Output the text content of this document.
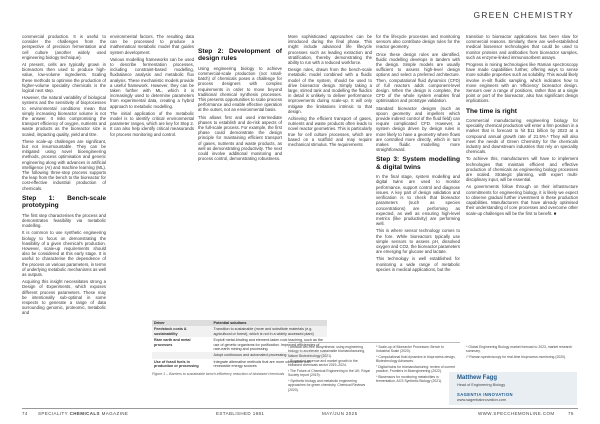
GREEN CHEMISTRY

commercial production. It is useful to consider the challenges from the perspective of precision fermentation and cell culture (another widely used engineering biology technique).

At present, cells are typically grown in bioreactors then used to produce high-value, low-volume ingredients. Scaling these methods to optimise the production of higher-volume speciality chemicals is the logical next step.

However, the natural variability of biological systems and the sensitivity of bioprocesses to environmental conditions mean that simply increasing bioreactor volume is not the answer. It risks compromising the transport efficiency of oxygen, nutrients and waste products as the bioreactor size is scaled, impacting quality, yield and titre.

These scale-up challenges are significant, but not insurmountable. They can be mitigated using novel bioengineering methods, process optimisation and generic engineering along with advances in artificial intelligence (AI) and machine learning (ML). The following three-step process supports the leap from the bench to the bioreactor for cost-effective industrial production of chemicals.

Step 1: Bench-scale prototyping

The first step characterises the process and demonstrates feasibility via metabolic modelling.

It is common to use synthetic engineering biology to focus on demonstrating the feasibility of a given chemical's production. However, scale-up requirements should also be considered at this early stage. It is useful to characterise the dependence of the process on various parameters, in terms of underlying metabolic mechanisms as well as outputs.

Acquiring this insight necessitates strong a Design of Experiments, which exposes different process parameters. These may be intentionally sub-optimal in some respects to generate a range of data surrounding genomic, proteomic, metabolic and

environmental factors. The resulting data can be processed to produce a mathematical metabolic model that guides system development.

Various modelling frameworks can be used to describe fermentation processes, including constraint-based modelling, fluxbalance analysis and metabolic flux analysis. These mechanistic models provide a useful framework. However, they can be taken further with ML, which it is increasingly used to determine parameters from experimental data, creating a hybrid approach to metabolic modelling.

The initial application of the metabolic model is to identify critical environmental parameter ranges, which are key for Step 2. It can also help identify critical measurands for process monitoring and control.

Step 2: Development of design rules

Using engineering biology to achieve commercial-scale production (not small-batch) of chemicals poses a challenge for process designers with complex requirements in order to move beyond traditional chemical synthesis processes. This presents opportunities to scale process performance and enable effective operation at the outset, not an environmental basis.

This allows first and used intermediate phases to establish and de-risk aspects of the full-scale process. For example, the first phase could demonstrate the design principle for maintaining efficient transport of gases, nutrients and waste products, as well as demonstrating productivity. The next could involve additional monitoring and process control, demonstrating robustness.

More sophisticated approaches can be introduced during the final phase. This might include advanced life lifecycle processes such as leading extraction and stratification, thereby demonstrating the ability to run with a reduced workforce.

Design rules, drawn from the bench-scale metabolic model combined with a fluidic model of the system, should be used to drive bioreactor design. Simply taking a large, stirred tank and modelling the fluidics in detail is unlikely to deliver performance improvements during scale-up. It will only mitigate the limitations intrinsic to that design.

Achieving the efficient transport of gases, nutrients and waste products often leads to novel reactor geometries. This is particularly true for cell culture processes, which are based on a scaffold and may require mechanical stimulus. The requirements

for the lifecycle processes and monitoring sensors also contribute design rules for the reactor geometry.

Once these design rules are identified, fluidic modelling develops in tandem with the design. Simple models are usually sufficient to assess high-level design options and select a preferred architecture. Then, computational fluid dynamics (CFD) of full reactors adds component-level design. When the design is complete, the CFD of the whole system enables final optimisation and prototype validation.

Standard bioreactor designs (such as spoon geometry and impellers which provide indirect control of the fluid field) can require complicated CFD. However, a system design driven by design rules is more likely to have a geometry where flows are controlled more directly, which in turn makes fluidic modelling more straightforward.

Step 3: System modelling & digital twins

In the final stage, system modelling and digital twins are used to monitor performance, support control and diagnose issues. A key part of design validation and verification is to check that bioreactor parameters (such as species concentrations) are performing as expected, as well as ensuring high-level metrics (like productivity) are performing well.

This is where sensor technology comes to the fore. While bioreactors typically use simple sensors to assess pH, dissolved oxygen and CO2, the bioreactor parameters are emerging for glucose and lactate.

This technology is well established for monitoring a wide range of metabolic species in medical applications, but the

transition to bioreactor applications has been slow for commercial reasons. Similarly, there are well-established medical biosensor technologies that could be used to monitor proteins and antibodies from bioreactor samples, such as enzyme-linked immunosorbent assays.

Progress in mining technologies like Raman spectroscopy have made capabilities further, offering ways to sense more soluble properties such as solubility. This would likely involve in-silt fluidic sampling, which indicates how to move engineers with an 'efficiency' bioreactor design. Sensors over a range of positions, rather than at a single point or port of the bioreactor, also has significant design implications.

The time is right

Commercial manufacturing engineering biology for speciality chemical production will enter a firm position in a market that is forecast to hit $11 billion by 2023 at a compound annual growth rate of 21.5%.³ They will also meet the needs of Green Chemistry for the chemicals industry and downstream industries that rely on speciality chemicals.

To achieve this, manufacturers will have to implement technologies that maintain efficient and effective production of chemicals as engineering biology processes are scaled. Strategic planning, with expert multi-disciplinary input, will be essential.

As governments follow through on their infrastructure commitments for engineering biology, it is likely we expect to observe gradual further investment in these production capabilities. Manufacturers that have already optimised their understanding of core processes and overcome other scale-up challenges will be the first to benefit. ■

Driver	Potential solutions
Feedstock costs & sustainability	Transition to sustainable (more and substitute materials (e.g. agricultural or forest), which is not in a widely accessed plant)
Rare earth and metal processes	Exploit metal-binding and element-laden rock leaching, such as the use of genetic organisms for purification. Improved efficiencies of rare-earth mining and processing
	Adopt continuous and automated processing
Use of fossil fuels in production or processing	Integrate alternative methods that are more compatible with renewable energy sources
Figure 1 – Barriers to sustainable bench-efficiency reduction of biobased chemicals

¹ Artificial cell-free biosynthesis: using engineering biology to accelerate sustainable biomanufacturing, Nature Biotechnology (2021).

² Bioproduct revenue and market growth in the biobased chemicals sector 2019–2024.

³ The Future of Chemical Engineering in the UK: Royal Society report (2019).

⁴ Synthetic biology and metabolic engineering approaches for green chemistry, Chemical Reviews (2020).

⁵ Scale-up of Bioreactor Processes: Bench to Industrial Scale (2020).

⁶ Computational fluid dynamics in bioprocess design, Biotechnology Advances.

⁷ Digital twins for biomanufacturing: review of current practice, Frontiers in Bioengineering (2022).

⁸ Biosensors for monitoring metabolites in fermentation, ACS Synthetic Biology (2021).

⁹ Global Engineering Biology market forecast to 2023, market research summary.

¹⁰ Raman spectroscopy for real-time bioprocess monitoring (2020).

Matthew Fagg
Head of Engineering Biology
SAGENTIA INNOVATION
www.sagentiainnovation.com
74 SPECIALITY CHEMICALS MAGAZINE	ESTABLISHED 1981	MAY/JUN 2025	WWW.SPECCHEMONLINE.COM	75
